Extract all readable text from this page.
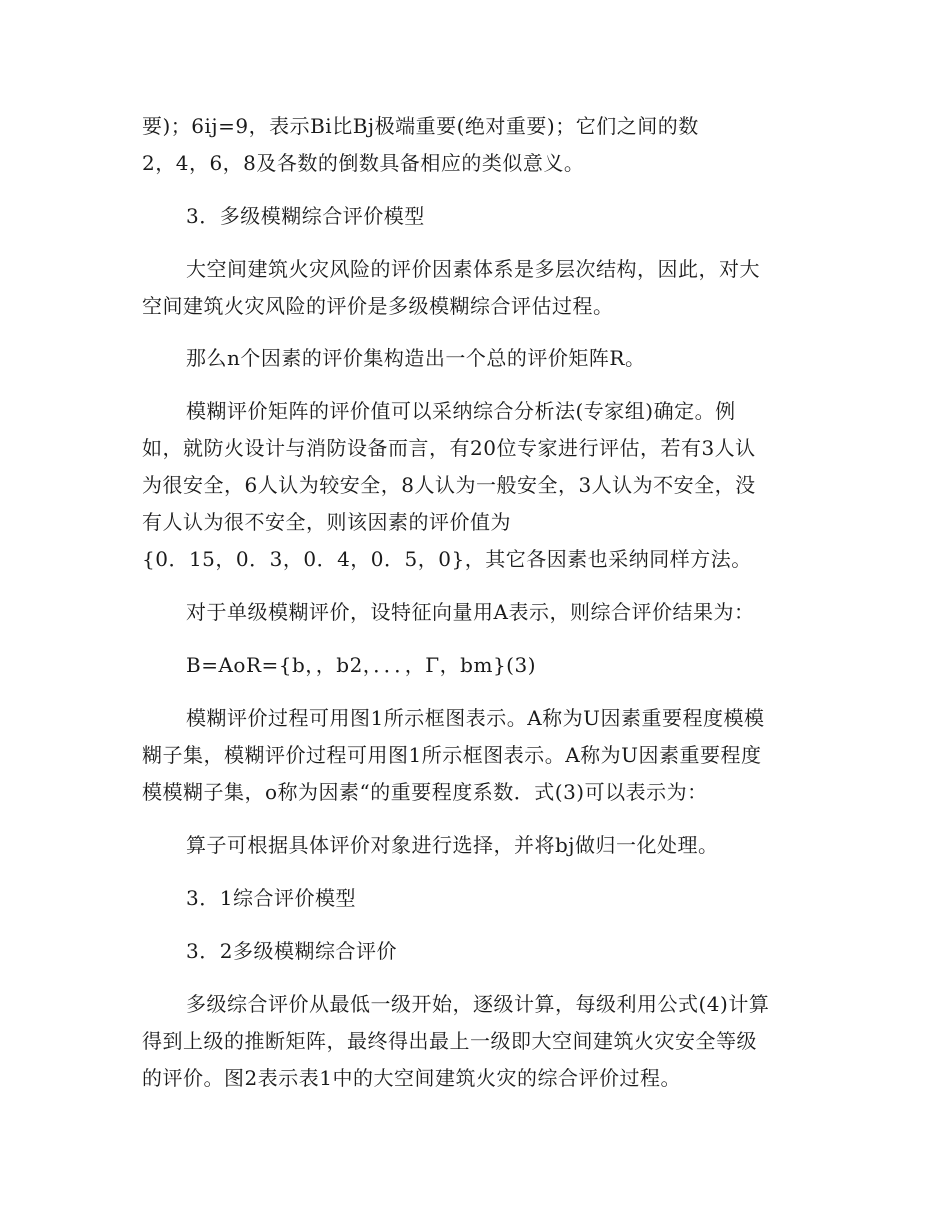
要)；6ij=9，表示Bi比Bj极端重要(绝对重要)；它们之间的数
2，4，6，8及各数的倒数具备相应的类似意义。
3．多级模糊综合评价模型
大空间建筑火灾风险的评价因素体系是多层次结构，因此，对大
空间建筑火灾风险的评价是多级模糊综合评估过程。
那么n个因素的评价集构造出一个总的评价矩阵R。
模糊评价矩阵的评价值可以采纳综合分析法(专家组)确定。例
如，就防火设计与消防设备而言，有20位专家进行评估，若有3人认
为很安全，6人认为较安全，8人认为一般安全，3人认为不安全，没
有人认为很不安全，则该因素的评价值为
{0．15，0．3，0．4，0．5，0}，其它各因素也采纳同样方法。
对于单级模糊评价，设特征向量用A表示，则综合评价结果为：
B=AoR={b，，b2，．．．，Γ，bm}(3)
模糊评价过程可用图1所示框图表示。A称为U因素重要程度模模
糊子集，模糊评价过程可用图1所示框图表示。A称为U因素重要程度
模模糊子集，o称为因素“的重要程度系数．式(3)可以表示为：
算子可根据具体评价对象进行选择，并将bj做归一化处理。
3．1综合评价模型
3．2多级模糊综合评价
多级综合评价从最低一级开始，逐级计算，每级利用公式(4)计算
得到上级的推断矩阵，最终得出最上一级即大空间建筑火灾安全等级
的评价。图2表示表1中的大空间建筑火灾的综合评价过程。
